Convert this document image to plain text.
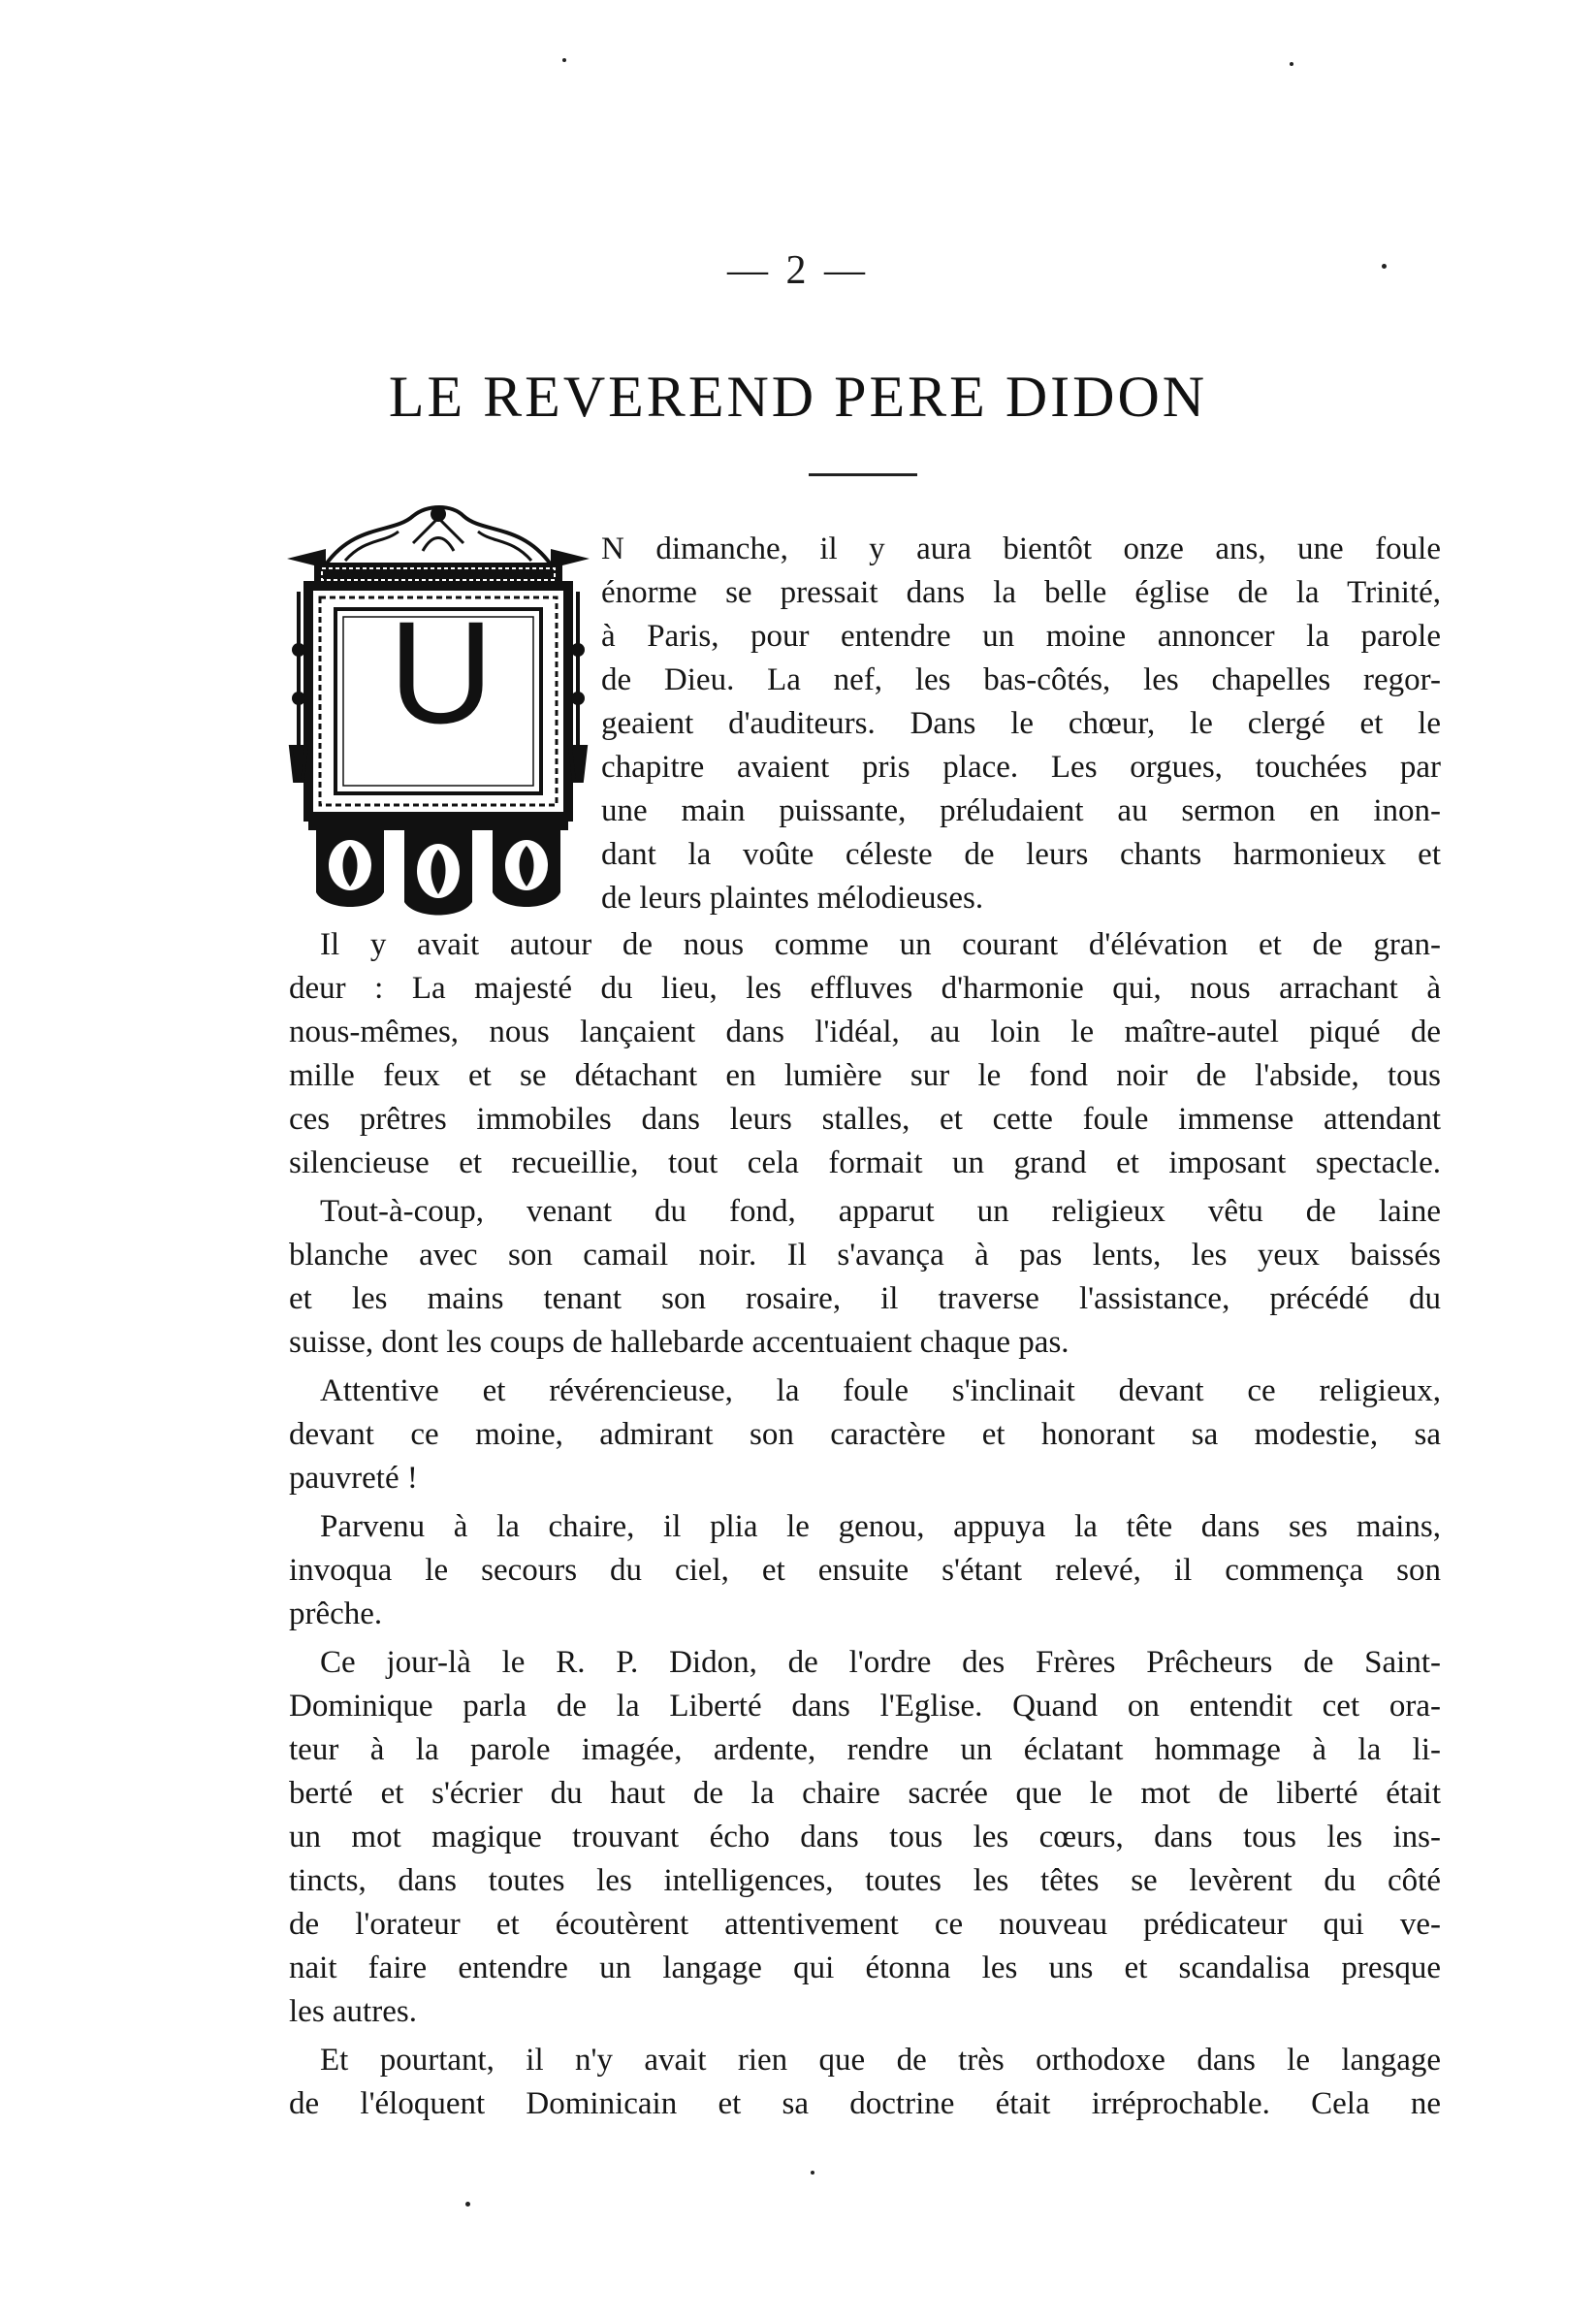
— 2 —
LE REVEREND PERE DIDON
U

N dimanche, il y aura bientôt onze ans, une foule

énorme se pressait dans la belle église de la Trinité,

à Paris, pour entendre un moine annoncer la parole

de Dieu. La nef, les bas-côtés, les chapelles regor-

geaient d'auditeurs. Dans le chœur, le clergé et le

chapitre avaient pris place. Les orgues, touchées par

une main puissante, préludaient au sermon en inon-

dant la voûte céleste de leurs chants harmonieux et

de leurs plaintes mélodieuses.

Il y avait autour de nous comme un courant d'élévation et de gran-

deur : La majesté du lieu, les effluves d'harmonie qui, nous arrachant à

nous-mêmes, nous lançaient dans l'idéal, au loin le maître-autel piqué de

mille feux et se détachant en lumière sur le fond noir de l'abside, tous

ces prêtres immobiles dans leurs stalles, et cette foule immense attendant

silencieuse et recueillie, tout cela formait un grand et imposant spectacle.

Tout-à-coup, venant du fond, apparut un religieux vêtu de laine

blanche avec son camail noir. Il s'avança à pas lents, les yeux baissés

et les mains tenant son rosaire, il traverse l'assistance, précédé du

suisse, dont les coups de hallebarde accentuaient chaque pas.

Attentive et révérencieuse, la foule s'inclinait devant ce religieux,

devant ce moine, admirant son caractère et honorant sa modestie, sa

pauvreté !

Parvenu à la chaire, il plia le genou, appuya la tête dans ses mains,

invoqua le secours du ciel, et ensuite s'étant relevé, il commença son

prêche.

Ce jour-là le R. P. Didon, de l'ordre des Frères Prêcheurs de Saint-

Dominique parla de la Liberté dans l'Eglise. Quand on entendit cet ora-

teur à la parole imagée, ardente, rendre un éclatant hommage à la li-

berté et s'écrier du haut de la chaire sacrée que le mot de liberté était

un mot magique trouvant écho dans tous les cœurs, dans tous les ins-

tincts, dans toutes les intelligences, toutes les têtes se levèrent du côté

de l'orateur et écoutèrent attentivement ce nouveau prédicateur qui ve-

nait faire entendre un langage qui étonna les uns et scandalisa presque

les autres.

Et pourtant, il n'y avait rien que de très orthodoxe dans le langage

de l'éloquent Dominicain et sa doctrine était irréprochable. Cela ne
